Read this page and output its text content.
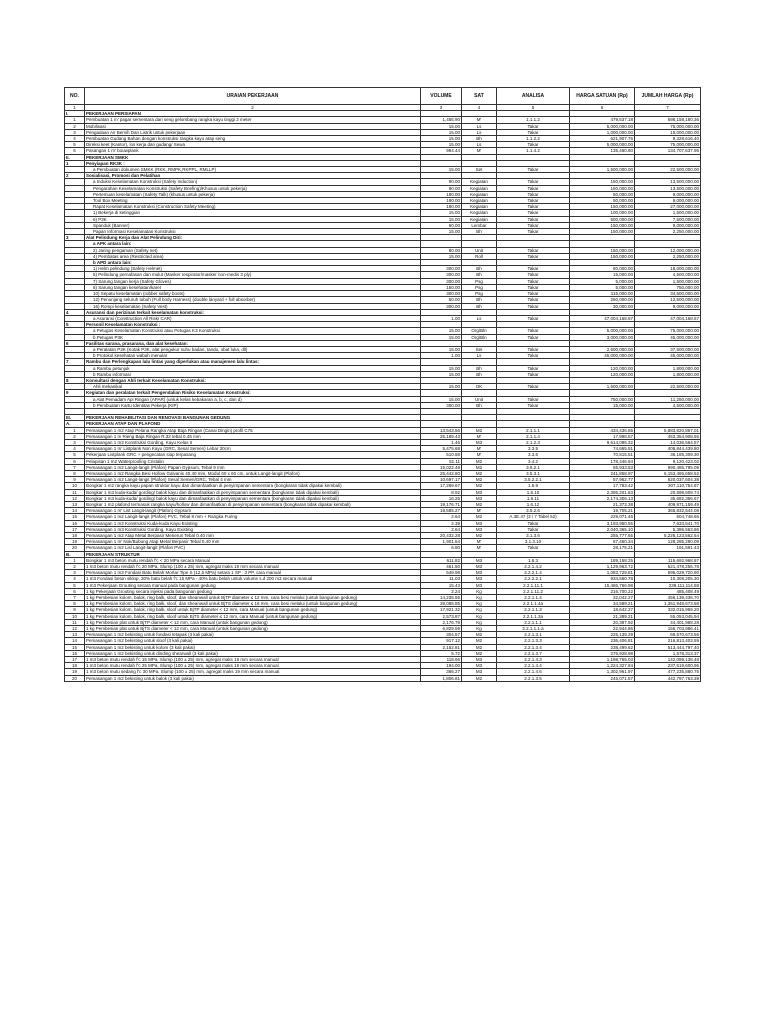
NO.	URAIAN PEKERJAAN	VOLUME	SAT	ANALISA	HARGA SATUAN (Rp)	JUMLAH HARGA (Rp)
1	2	3	4	5	6	7
I.	PEKERJAAN PERSIAPAN					
1	Pembuatan 1 m' pagar sementara dari seng gelombang rangka kayu tinggi 2 meter	1,455.90	M'	1.1.1.2	479,537.18	698,158,180.36
2	Mobilisasi	15.00	Ls	Takar	5,000,000.00	75,000,000.00
3	Pengadaan Air Bersih Dan Listrik untuk pekerjaan	15.00	Ls	Takar	1,000,000.00	15,000,000.00
4	Pembuatan Gudang Bahan dengan konstruksi rangka kayu atap seng	15.00	Bh	1.1.2.2	621,907.76	9,328,616.40
5	Direksi keet (Kantor), los kerja dan gudang/ Sewa	15.00	Ls	Takar	5,000,000.00	75,000,000.00
6	Pasangan 1 m' bouwplank	994.44	M'	1.1.4.2	135,460.80	134,707,637.95
II.	PEKERJAAN SMKK					
1	Penyiapan RK3K :					
	a Pembuatan dokumen SMKK (RKK, RMPK,RKPPL, RMLLP)	15.00	Set	Takar	1,500,000.00	22,500,000.00
2	Sosialisasi, Promosi dan Pelatihan					
	a Induksi Keselamatan Konstruksi (Safety Induction)	90.00	Kegiatan	Takar	150,000.00	13,500,000.00
	Pengarahan Keselamatan Konstruksi (Safety Briefing)/Khusus untuk pekerja)	90.00	Kegiatan	Takar	150,000.00	13,500,000.00
	Pertemuan keselamatan (Safety Talk) (khusus untuk pekerja)	180.00	Kegiatan	Takar	50,000.00	9,000,000.00
	Tool Box Meeting	180.00	Kegiatan	Takar	50,000.00	9,000,000.00
	Rapat Keselamatan Konstruksi (Construction Safety Meeting)	180.00	Kegiatan	Takar	150,000.00	27,000,000.00
	1) Bekerja di ketinggian	15.00	Kegiatan	Takar	100,000.00	1,500,000.00
	6) P3K	15.00	Kegiatan	Takar	500,000.00	7,500,000.00
	Spanduk (Banner)	60.00	Lembar	Takar	150,000.00	9,000,000.00
	Papan Informasi Keselamatan Konstruksi	15.00	Bh	Takar	150,000.00	2,250,000.00
3	Alat Pelindung Kerja dan Alat Pelindung Diri:					
	a APK antara lain:					
	2) Jaring pengaman (Safety net)	80.00	Unit	Takar	150,000.00	12,000,000.00
	4) Pembatas area (Restricted area)	15.00	Roll	Takar	150,000.00	2,250,000.00
	b APD antara lain:					
	1) Helm pelindung (Safety Helmet)	300.00	Bh	Takar	60,000.00	18,000,000.00
	5) Pelindung pernafasan dan mulut (Masker respirator/masker non-medis 3 ply)	300.00	Bh	Takar	15,000.00	4,500,000.00
	7) Sarung tangan kerja (Safety Gloves)	300.00	Psg	Takar	5,000.00	1,500,000.00
	8) Sarung tangan kesehatan/karet	150.00	Psg	Takar	5,000.00	750,000.00
	10) Sepatu keselamatan (rubber safety boots)	300.00	Psg	Takar	115,000.00	34,500,000.00
	12) Penunjang seluruh tubuh (Full body Harness) (double lanyard + full absorber)	50.00	Bh	Takar	250,000.00	12,500,000.00
	16) Rompi keselamatan (Safety Vest)	300.00	Bh	Takar	30,000.00	9,000,000.00
4	Asuransi dan perizinan terkait keselamatan konstruksi:					
	a Asuransi (Construction All Risk/ CAR)	1.00	Ls	Takar	47,004,168.67	47,004,168.67
5	Personil Keselamatan Konstruksi :					
	a Petugas Keselamatan Konstruksi atau Petugas K3 Konstruksi	15.00	Org/Bln	Takar	5,000,000.00	75,000,000.00
	b Petugas P3K	15.00	Org/Bln	Takar	3,000,000.00	45,000,000.00
6	Fasilitas sarana, prasarana, dan alat kesehatan:					
	a Peralatan P3K (Kotak P3K, alat pengukur suhu badan, tandu, obat luka, dll)	15.00	Set	Takar	2,500,000.00	37,500,000.00
	b Protokol kesehatan wabah menular	1.00	Ls	Takar	45,000,000.00	45,000,000.00
7	Rambu dan Perlengkapan lalu lintas yang diperlukan atau manajemen lalu lintas:					
	a Rambu petunjuk	15.00	Bh	Takar	120,000.00	1,800,000.00
	b Rambu informasi	15.00	Bh	Takar	120,000.00	1,800,000.00
8	Konsultasi dengan Ahli terkait Keselamatan Konstruksi:					
	Ahli mekanikal	15.00	OK	Takar	1,500,000.00	22,500,000.00
9	Kegiatan dan peralatan terkait Pengendalian Risiko Keselamatan Konstruksi:					
	a Alat Pemadam Api Ringan (APAR) (untuk kelas kebakaran a, b, c, dan d)	15.00	Unit	Takar	750,000.00	11,250,000.00
	b Pembuatan Kartu Identitas Pekerja (KIP)	300.00	Bh	Takar	15,000.00	4,500,000.00

III.	PEKERJAAN REHABILITASI DAN RENOVASI BANGUNAN GEDUNG					
A.	PEKERJAAN ATAP DAN PLAFOND					
1	Pemasangan 1 m2 Atap Pelana Rangka Atap Baja Ringan (Canai Dingin) profil C75	13,543.56	M2	2.1.1.1	434,436.85	5,883,820,867.01
2	Pemasangan 1 m Rieng Baja Ringan R.32 tebal 0.45 mm	25,189.43	M'	2.1.1.4	17,998.57	453,354,908.55
3	Pemasangan 1 m3 Konstruksi Gording, Kayu Kelas II	1.46	M3	2.1.2.3	9,614,085.32	14,036,564.57
4	Pemasangan 1 m' Listplank Non Kayu (GRC, Sesal Semen) Lebar 30cm	5,475.68	M'	3.3.5	74,665.51	408,844,439.80
5	Pekerjaan Listplank GRC + pengecatan siap terpasang	510.88	M'	3.3.6	70,815.51	36,185,309.30
6	Pelapisan 1 m2 Waterproofing Cristalin	51.11	M2	3.4.2	178,446.94	9,120,423.02
7	Pemasangan 1 m2 Langit-langit (Plafon) Papan Gypsum, Tebal 9 mm	15,022.49	M2	3.5.2.1	65,933.53	990,485,795.09
8	Pemasangan 1 m2 Rangka Besi Hollow Galvanis 40.40 mm, Modul 60 x 60 cm, untuk Langit-langit (Plafon)	25,442.80	M2	3.5.3.1	241,858.97	6,153,465,658.52
9	Pemasangan 1 m2 Langit-langit (Plafon) Sesal Semen/GRC, Tebal 4 mm	10,697.17	M2	3.5.2.2.1	57,962.77	620,037,604.38
10	Bongkar 1 m2 rangka kayu papan struktur kayu dan dimanfaatkan di penyimpanan sementara (bongkaran tidak dipakai kembali)	17,269.67	M2	1.6.9	17,783.42	307,110,754.87
11	Bongkar 1 m3 kuda-kuda/ gording/ balok kayu dan dimanfaatkan di penyimpanan sementara (bongkaran tidak dipakai kembali)	8.92	M3	1.6.10	2,395,201.83	20,599,509.74
12	Bongkar 1 m3 kuda-kuda/ gording/ balok kayu dan dimanfaatkan di penyimpanan sementara (bongkaran tidak dipakai kembali)	16.25	M3	1.6.11	2,174,306.13	35,682,356.67
13	Bongkar 1 m2 plafond termasuk rangka kayu/hollow dan dimanfaatkan di penyimpanan sementara (bongkaran tidak dipakai kembali)	19,176.71	M2	1.6.12	21,373.38	409,871,159.49
14	Pemasangan 1 m' List Langit-langit (Plafon) Gypsum	18,585.27	M'	3.5.2.6	19,705.21	365,832,544.08
15	Pemasangan 1 m2 Langit-langit (Plafon) PVC, Tebal 8 mm + Rangka Furing	2.64	M2	A.3E.47 (3 / 7 Tabel 52)	229,071.46	604,748.65
16	Pemasangan 1 m3 Konstruksi Kuda-kuda Kayu Existing	2.39	M3	Takar	3,193,950.55	7,633,541.70
17	Pemasangan 1 m3 Konstruksi Gording, Kayu Existing	2.64	M3	Takar	2,040,365.10	5,386,563.86
18	Pemasangan 1 m2 Atap Metal Berpasir Menerus Tebal 0.40 mm	20,432.28	M2	3.1.3.6	255,777.65	5,226,123,562.54
19	Pemasangan 1 m' Nok/Bubung Atap Metal Berpasir Tebal 0.40 mm	1,901.64	M'	3.1.3.10	67,460.34	128,285,280.09
20	Pemasangan 1 m2 Lisl Langit-langit (Plafon PVC)	6.80	M'	Takar	28,175.21	191,591.43
B.	PEKERJAAN STRUKTUR					
1	Bongkar 1 m3 beton mutu rendah f'c < 20 MPa secara Manual	611.82	M3	1.6.3	189,158.25	115,692,968.87
2	1 m3 beton mutu rendah f'c 20 MPa, Slump (100 ± 25) mm, agregat maks 19 mm secara manual	461.50	M3	2.2.1.4.2	1,129,963.72	521,478,256.78
3	Pemasangan 1 m3 Fondasi Batu Belah Mortar Tipe S (12,5 MPa) setara 1 SP : 3 PP, cara manual	549.98	M3	2.2.2.1.4	1,083,729.81	596,029,720.90
4	1 m3 Fondasi beton siklop, 30% batu belah f'c 15 MPa - 40% batu belah untuk volume s.d 200 m3 secara manual	11.03	M3	2.2.2.2.1	934,560.78	10,308,205.30
5	1 m3 Pekerjaan Grouting secara manual pada bangunan gedung	15.43	M3	2.2.1.11.1	15,486,766.98	239,111,114.58
6	1 kg Pekerjaan Grouting secara injeksi pada bangunan gedung	2.24	Kg	2.2.1.11.2	216,700.22	485,408.49
7	1 kg Pembesian kolom, balok, ring balk, sloof, dan sheanwall untuk BjTP diameter ≤ 12 mm, cara besi melalui (untuk bangunan gedung)	14,235.55	Kg	2.2.1.1.4	32,042.27	456,139,436.70
8	1 kg Pembesian kolom, balok, ring balk, sloof, dan sheanwall untuk BjTS diameter ≤ 16 mm, cara besi melalui (untuk bangunan gedung)	39,085.85	Kg	2.2.1.1.4a	34,589.21	1,351,948,673.68
9	1 kg Pembesian kolom, balok, ring balk, sloof untuk BjTP diameter < 12 mm, cara Manual (untuk bangunan gedung)	17,921.32	Kg	2.2.1.1.3	18,642.27	332,015,969.20
10	1 kg Pembesian kolom, balok, ring balk, sloof untuk BjTS diameter ≤ 12 mm, cara Manual (untuk bangunan gedung)	2,573.87	Kg	2.2.1.1.3a	21,389.21	55,053,045.94
11	1 kg Pembesian plat untuk BjTP diameter < 12 mm, cara Manual (untuk bangunan gedung)	2,176.79	Kg	2.2.1.1.1	20,397.92	44,401,988.28
12	1 kg Pembesian plat untuk BjTS diameter < 12 mm, cara Manual (untuk bangunan gedung)	6,829.59	Kg	2.2.1.1.1.a	22,944.86	156,703,986.41
13	Pemasangan 1 m2 bekisting untuk fondasi tetapak (3 kali pakai)	304.57	M2	2.2.1.3.1	225,139.29	68,570,673.56
14	Pemasangan 1 m2 bekisting untuk sloof (3 kali pakai)	917.12	M2	2.2.1.3.3	236,406.81	216,813,403.59
15	Pemasangan 1 m2 bekisting untuk kolom (3 kali pakai)	2,152.81	M2	2.2.1.3.4	238,499.62	513,444,797.40
16	Pemasangan 1 m2 bekisting untuk dinding shearwall (3 kali pakai)	5.72	M2	2.2.1.3.7	275,928.98	1,578,313.37
17	1 m3 beton mutu rendah f'c 15 MPa, Slump (100 ± 25) mm, agregat maks 19 mm secara manual	118.66	M3	2.2.1.4.3	1,198,765.03	142,099,138.48
18	1 m3 beton mutu rendah f'c 25 MPa, Slump (100 ± 25) mm, agregat maks 19 mm secara manual	194.00	M3	2.2.1.4.4	1,224,327.84	237,519,600.96
19	1 m3 beton mutu sedang f'c 30 MPa, Slump (100 ± 25) mm, agregat maks 19 mm secara manual	366.27	M3	2.2.1.4.6	1,302,961.97	477,235,880.75
20	Pemasangan 1 m2 bekisting untuk balok (3 kali pakai)	1,806.81	M2	2.2.1.3.5	245,071.57	442,797,763.39
